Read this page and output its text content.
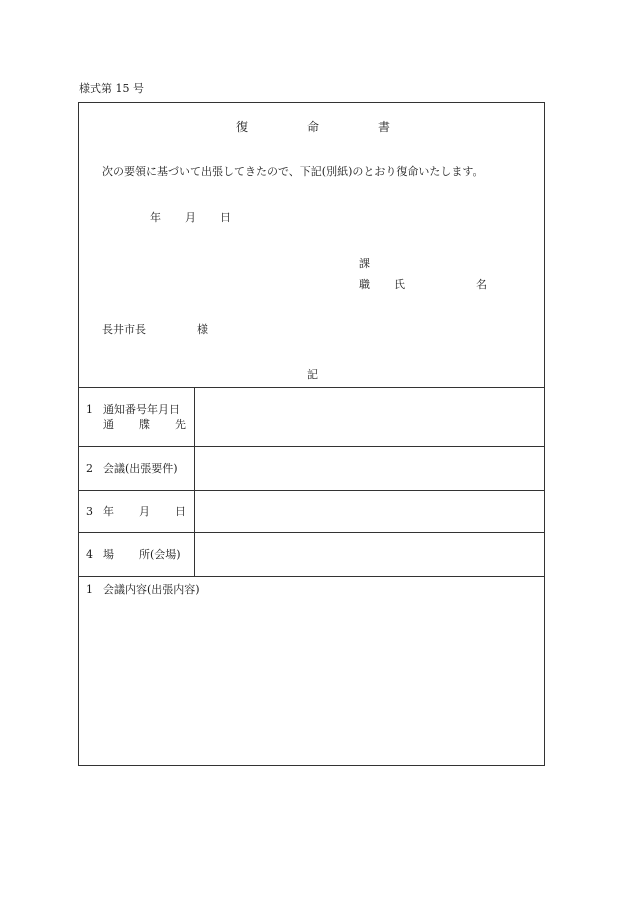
様式第 15 号
復	命	書
次の要領に基づいて出張してきたので、下記(別紙)のとおり復命いたします。
年 月 日
課
職 氏	名
長井市長	様
記
1 通知番号年月日
通 牒 先
2 会議(出張要件)
3 年 月 日
4 場 所(会場)
1 会議内容(出張内容)
